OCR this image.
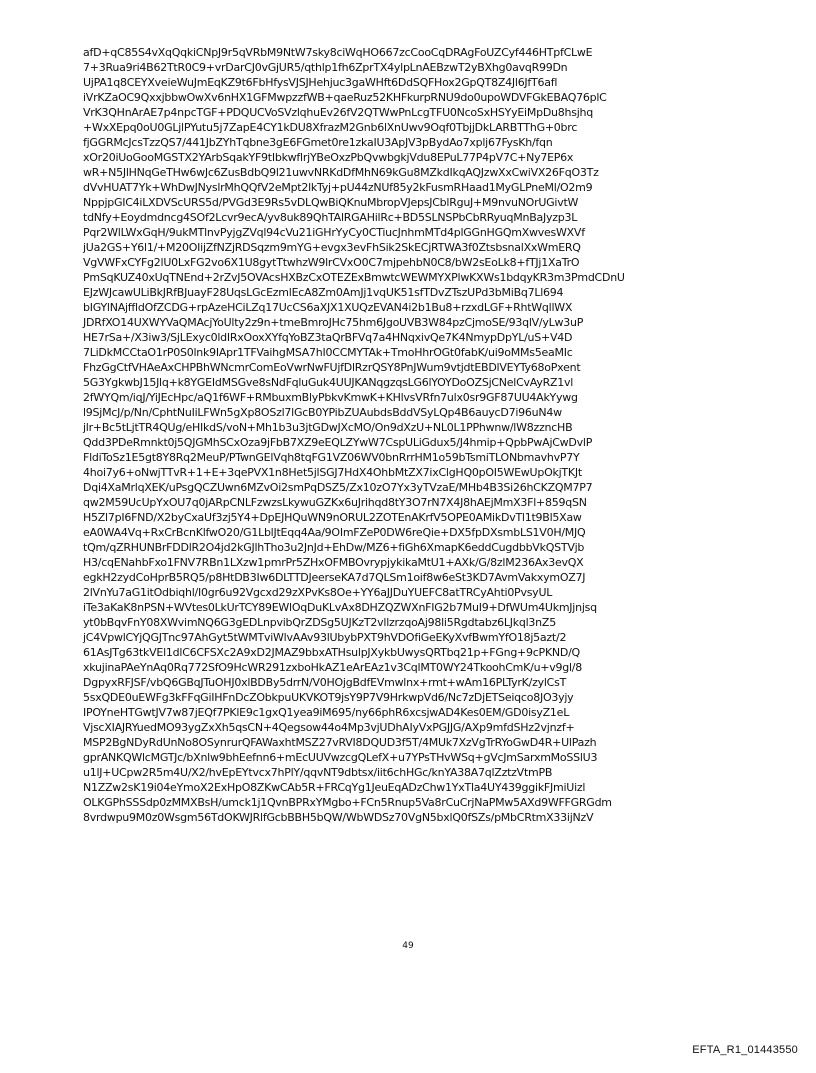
afD+qC85S4vXqQqkiCNpJ9r5qVRbM9NtW7sky8ciWqHO667zcCooCqDRAgFoUZCyf446HTpfCLwE
7+3Rua9ri4B62TtR0C9+vrDarCJ0vGjUR5/qthlp1fh6ZprTX4ylpLnAEBzwT2yBXhg0avqR99Dn
UjPA1q8CEYXveieWuJmEqKZ9t6FbHfysVJSJHehjuc3gaWHft6DdSQFHox2GpQT8Z4Jl6JfT6afl
iVrKZaOC9QxxjbbwOwXv6nHX1GFMwpzzfWB+qaeRuz52KHFkurpRNU9do0upoWDVFGkEBAQ76plC
VrK3QHnArAE7p4npcTGF+PDQUCVoSVzlqhuEv26fV2QTWwPnLcgTFU0NcoSxHSYyEiMpDu8hsjhq
+WxXEpq0oU0GLjlPYutu5j7ZapE4CY1kDU8XfrazM2Gnb6lXnUwv9Oqf0TbjjDkLARBTThG+0brc
fjGGRMcJcsTzzQS7/441JbZYhTqbne3gE6FGmet0re1zkaIU3ApJV3pBydAo7xplj67FysKh/fqn
xOr20iUoGooMGSTX2YArbSqakYF9tIbkwflrjYBeOxzPbQvwbgkjVdu8EPuL77P4pV7C+Ny7EP6x
wR+N5JlHNqGeTHw6wJc6ZusBdbQ9l21uwvNRKdDfMhN69kGu8MZkdIkqAQJzwXxCwiVX26FqO3Tz
dVvHUAT7Yk+WhDwJNyslrMhQQfV2eMpt2lkTyj+pU44zNUf85y2kFusmRHaad1MyGLPneMl/O2m9
NppjpGIC4iLXDVScURS5d/PVGd3E9Rs5vDLQwBiQKnuMbropVJepsJCblRguJ+M9nvuNOrUGivtW
tdNfy+Eoydmdncg4SOf2Lcvr9ecA/yv8uk89QhTAlRGAHilRc+BD5SLNSPbCbRRyuqMnBaJyzp3L
Pqr2WlLWxGqH/9ukMTlnvPyjgZVql94cVu21iGHrYyCy0CTiucJnhmMTd4plGGnHGQmXwvesWXVf
jUa2GS+Y6l1/+M20OIijZfNZjRDSqzm9mYG+evgx3evFhSik2SkECjRTWA3f0ZtsbsnalXxWmERQ
VgVWFxCYFg2lU0LxFG2vo6X1U8gytTtwhzW9lrCVxO0C7mjpehbN0C8/bW2sEoLk8+fTJj1XaTrO
PmSqKUZ40xUqTNEnd+2rZvJ5OVAcsHXBzCxOTEZExBmwtcWEWMYXPlwKXWs1bdqyKR3m3PmdCDnU
EJzWJcawULiBkJRfBJuayF28UqsLGcEzmlEcA8Zm0AmJj1vqUK51sfTDvZTszUPd3bMiBq7Ll694
bIGYlNAjffldOfZCDG+rpAzeHCiLZq17UcCS6aXJX1XUQzEVAN4i2b1Bu8+rzxdLGF+RhtWqllWX
JDRfXO14UXWYVaQMAcjYoUlty2z9n+tmeBmroJHc75hm6JgoUVB3W84pzCjmoSE/93qlV/yLw3uP
HE7rSa+/X3iw3/SjLExyc0ldIRxOoxXYfqYoBZ3taQrBFVq7a4HNqxivQe7K4NmypDpYL/uS+V4D
7LiDkMCCtaO1rP0S0lnk9IApr1TFVaihgMSA7hI0CCMYTAk+TmoHhrOGt0fabK/ui9oMMs5eaMIc
FhzGgCtfVHAeAxCHPBhWNcmrComEoVwrNwFUjfDlRzrQSY8PnJWum9vtjdtEBDlVEYTy68oPxent
5G3YgkwbJ15Jlq+k8YGEIdMSGve8sNdFqluGuk4UUJKANqgzqsLG6lYOYDoOZSjCNelCvAyRZ1vl
2fWYQm/iqJ/YiJEcHpc/aQ1f6WF+RMbuxmBlyPbkvKmwK+KHlvsVRfn7ulx0sr9GF87UU4AkYywg
l9SjMcJ/p/Nn/CphtNuIiLFWn5gXp8OSzl7lGcB0YPibZUAubdsBddVSyLQp4B6auycD7i96uN4w
jlr+Bc5tLjtTR4QUg/eHIkdS/voN+Mh1b3u3jtGDwJXcMO/On9dXzU+NL0L1PPhwnw/lW8zzncHB
Qdd3PDeRmnkt0j5QJGMhSCxOza9jFbB7XZ9eEQLZYwW7CspULiGdux5/J4hmip+QpbPwAjCwDvlP
FldiToSz1E5gt8Y8Rq2MeuP/PTwnGElVqh8tqFG1VZ06WV0bnRrrHM1o59bTsmiTLONbmavhvP7Y
4hoi7y6+oNwjTTvR+1+E+3qePVX1n8Het5jlSGJ7HdX4OhbMtZX7ixClgHQ0pOI5WEwUpOkjTKJt
Dqi4XaMrlqXEK/uPsgQCZUwn6MZvOi2smPqDSZ5/Zx10zO7Yx3yTVzaE/MHb4B3Si26hCKZQM7P7
qw2M59UcUpYxOU7q0jARpCNLFzwzsLkywuGZKx6uJrihqd8tY3O7rN7X4J8hAEjMmX3Fl+859qSN
H5Zl7pI6FND/X2byCxaUf3zj5Y4+DpEJHQuWN9nORUL2ZOTEnAKrfV5OPE0AMikDvTl1t9Bl5Xaw
eA0WA4Vq+RxCrBcnKlfwO20/G1LblJtEqq4Aa/9OImFZeP0DW6reQie+DX5fpDXsmbLS1V0H/MJQ
tQm/qZRHUNBrFDDlR2O4jd2kGJlhTho3u2JnJd+EhDw/MZ6+fiGh6XmapK6eddCugdbbVkQSTVjb
H3/cqENahbFxo1FNV7RBn1LXzw1pmrPr5ZHxOFMBOvrypjykikaMtU1+AXk/G/8zlM236Ax3evQX
egkH2zydCoHprB5RQ5/p8HtDB3Iw6DLTTDJeerseKA7d7QLSm1oif8w6eSt3KD7AvmVakxymOZ7J
2lVnYu7aG1itOdbiqhl/I0gr6u92Vgcxd29zXPvKs8Oe+YY6aJJDuYUEFC8atTRCyAhti0PvsyUL
iTe3aKaK8nPSN+WVtes0LkUrTCY89EWlOqDuKLvAx8DHZQZWXnFIG2b7MuI9+DfWUm4UkmJjnjsq
yt0bBqvFnY08XWvimNQ6G3gEDLnpvibQrZDSg5UJKzT2vllzrzqoAj98li5Rgdtabz6LJkql3nZ5
jC4VpwlCYjQGJTnc97AhGyt5tWMTviWlvAAv93lUbybPXT9hVDOfiGeEKyXvfBwmYfO18j5azt/2
61AsJTg63tkVEl1dlC6CFSXc2A9xD2JMAZ9bbxATHsulpJXykbUwysQRTbq21p+FGng+9cPKND/Q
xkujinaPAeYnAq0Rq772SfO9HcWR291zxboHkAZ1eArEAz1v3CqlMT0WY24TkoohCmK/u+v9gl/8
DgpyxRFJSF/vbQ6GBqJTuOHJ0xlBDBy5drrN/V0HOjgBdfEVmwlnx+rmt+wAm16PLTyrK/zylCsT
5sxQDE0uEWFg3kFFqGiIHFnDcZObkpuUKVKOT9jsY9P7V9HrkwpVd6/Nc7zDjETSeiqco8JO3yjy
IPOYneHTGwtJV7w87jEQf7PKlE9c1gxQ1yea9iM695/ny66phR6xcsjwAD4Kes0EM/GD0isyZ1eL
VjscXIAJRYuedMO93ygZxXh5qsCN+4Qegsow44o4Mp3vjUDhAIyVxPGJJG/AXp9mfdSHz2vjnzf+
MSP2BgNDyRdUnNo8OSynrurQFAWaxhtMSZ27vRVI8DQUD3f5T/4MUk7XzVgTrRYoGwD4R+UlPazh
gprANKQWlcMGTJc/bXnlw9bhEefnn6+mEcUUVwzcgQLefX+u7YPsTHvWSq+gVcJmSarxmMoSSlU3
u1lJ+UCpw2R5m4U/X2/hvEpEYtvcx7hPlY/qqvNT9dbtsx/iit6chHGc/knYA38A7qlZztzVtmPB
N1ZZw2sK19i04eYmoX2ExHpO8ZKwCAb5R+FRCqYg1JeuEqADzChw1YxTla4UY439ggikFJmiUizl
OLKGPhSSSdp0zMMXBsH/umck1j1QvnBPRxYMgbo+FCn5Rnup5Va8rCuCrjNaPMw5AXd9WFFGRGdm
8vrdwpu9M0z0Wsgm56TdOKWJRlfGcbBBH5bQW/WbWDSz70VgN5bxlQ0fSZs/pMbCRtmX33ijNzV
49
EFTA_R1_01443550
